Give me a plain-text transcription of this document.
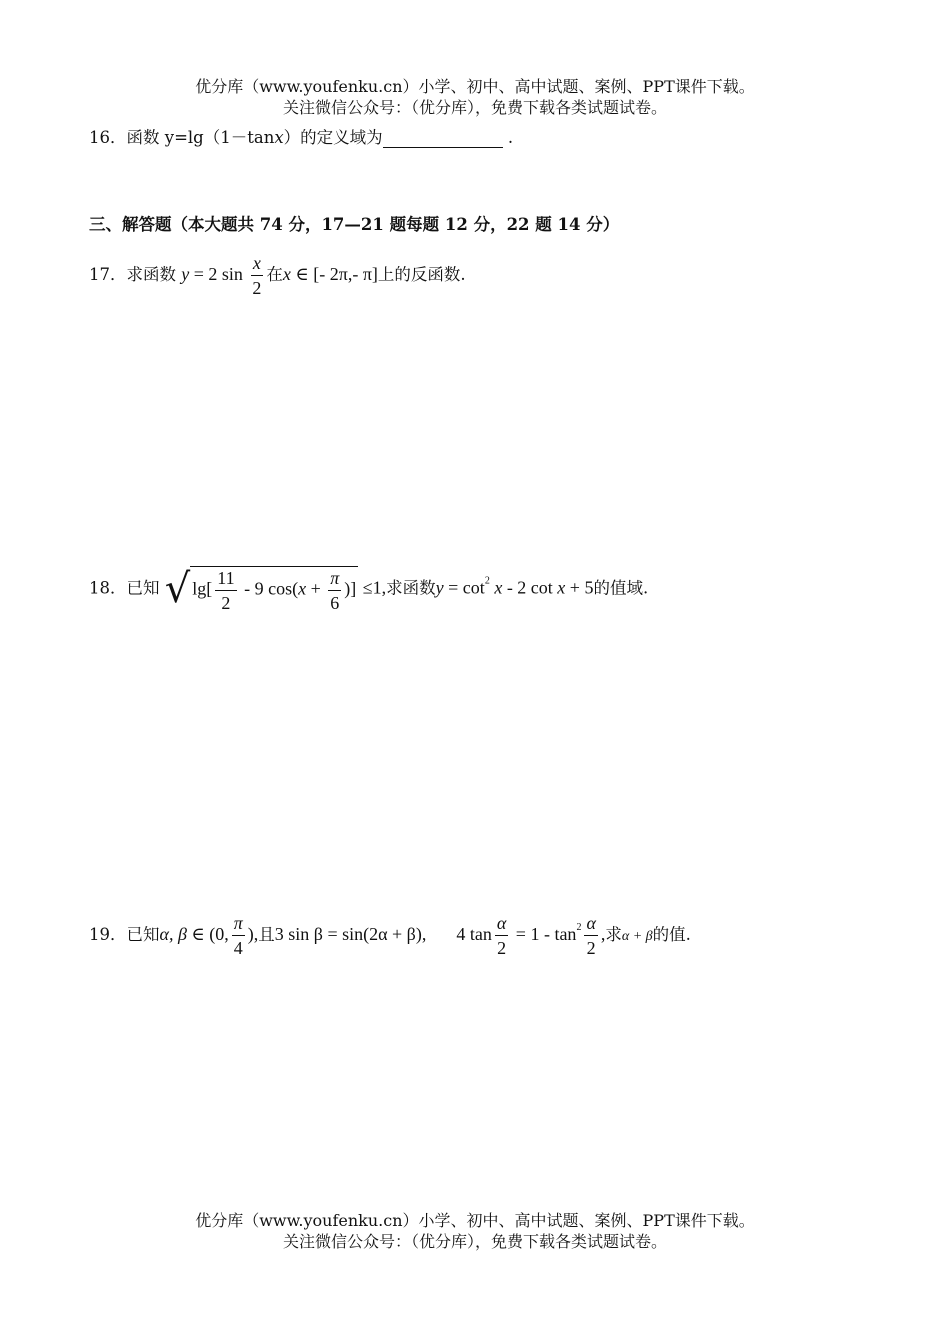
优分库（www.youfenku.cn）小学、初中、高中试题、案例、PPT课件下载。
关注微信公众号：（优分库），免费下载各类试题试卷。
16．函数 y=lg（1－tanx）的定义域为	.
三、解答题（本大题共 74 分，17—21 题每题 12 分，22 题 14 分）
17．求函数 y = 2 $\sin \frac{x}{2}$ 在x ∈ [- 2π,- π]上的反函数.
18．已知 √ $\lg[ \frac{11}{2} - 9$ $\cos(x + \frac{\pi}{6}$ )] ≤1,求函数$y = \cot^2 x - 2$ cot x + 5的值域.
19．已知α, β ∈ (0, $\frac{\pi}{4}$ ),且3 sin β = sin(2α + β), 4 $\tan \frac{\alpha}{2} = 1 - \tan^2 \frac{\alpha}{2}$ ,求α + β的值.
优分库（www.youfenku.cn）小学、初中、高中试题、案例、PPT课件下载。
关注微信公众号：（优分库），免费下载各类试题试卷。
